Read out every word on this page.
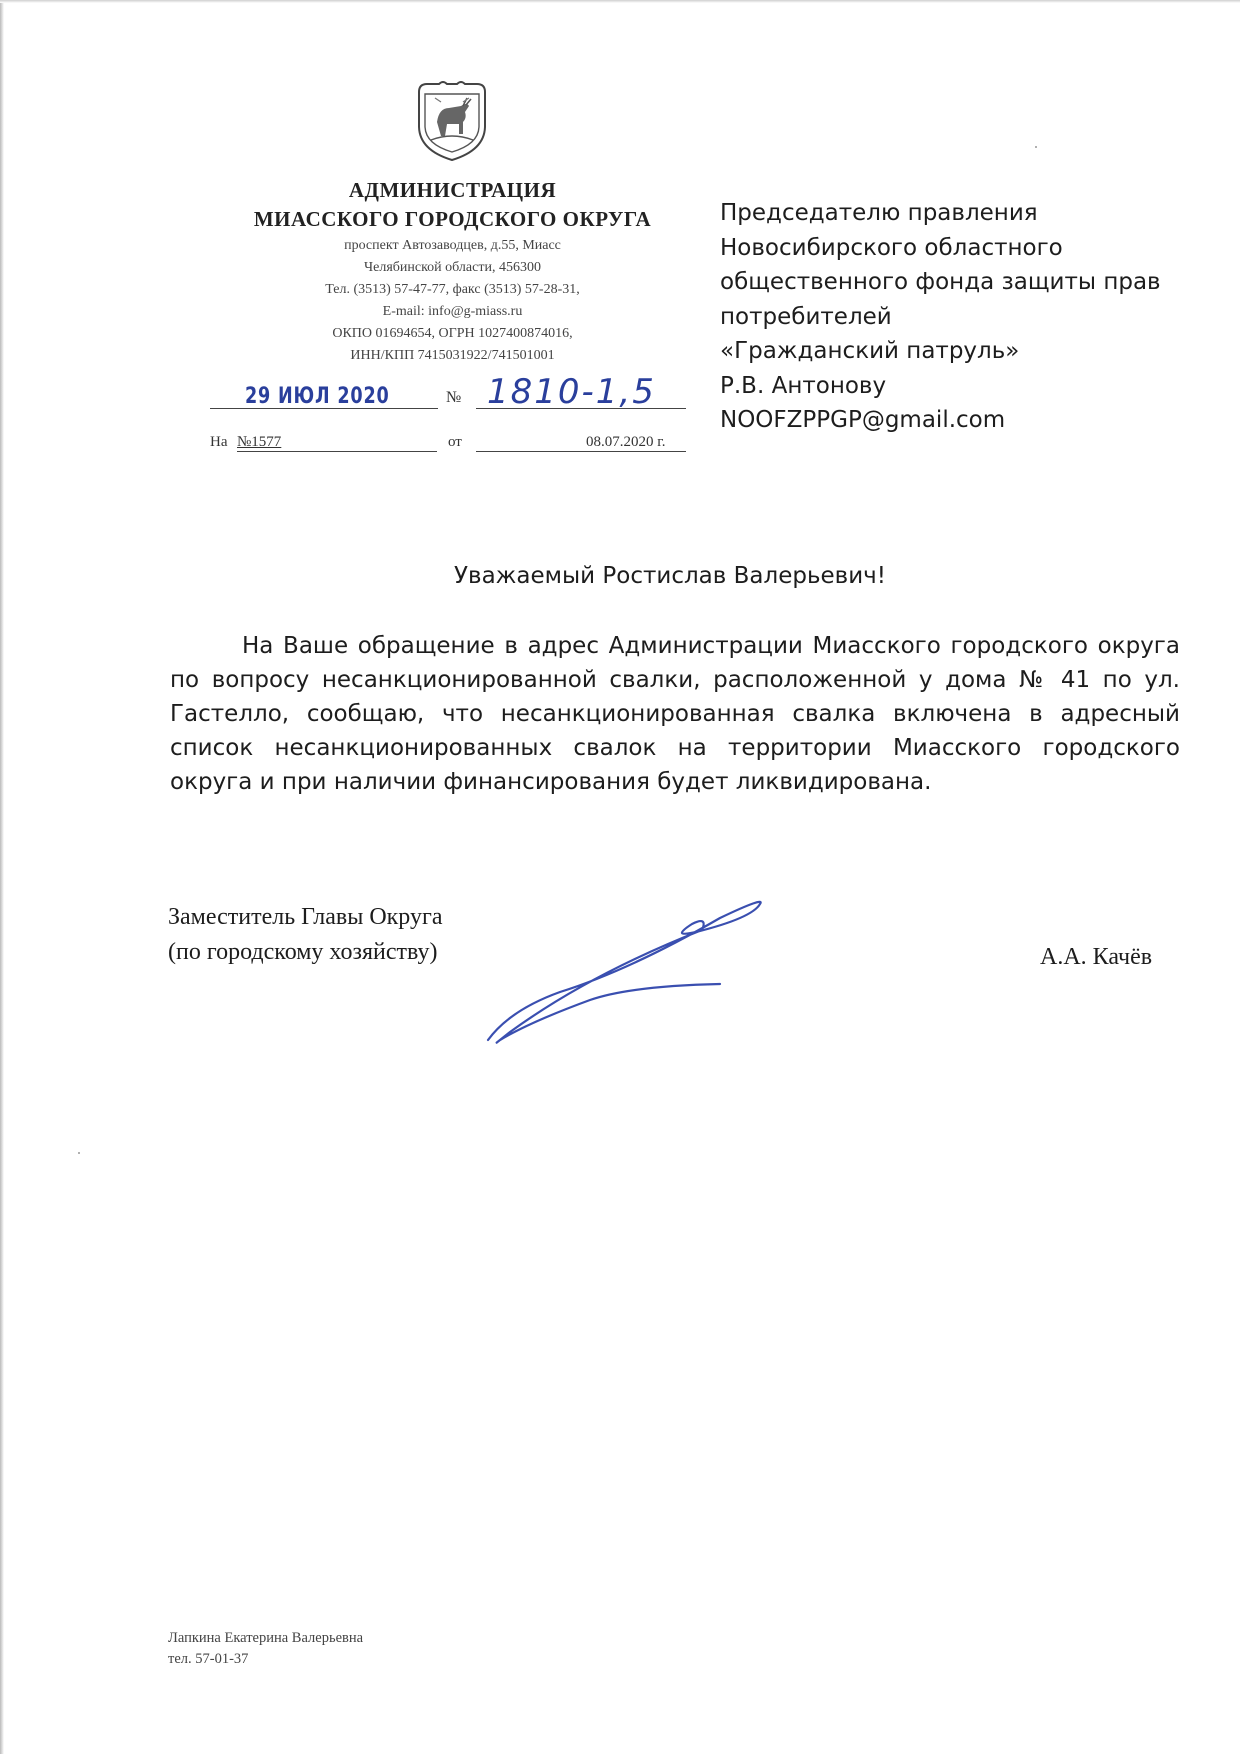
АДМИНИСТРАЦИЯ
МИАССКОГО ГОРОДСКОГО ОКРУГА
проспект Автозаводцев, д.55, Миасс
Челябинской области, 456300
Тел. (3513) 57-47-77, факс (3513) 57-28-31,
E-mail: info@g-miass.ru
ОКПО 01694654, ОГРН 1027400874016,
ИНН/КПП 7415031922/741501001
29 ИЮЛ 2020	№ 1810-1,5
На №1577	от	08.07.2020 г.
Председателю правления
Новосибирского областного
общественного фонда защиты прав
потребителей
«Гражданский патруль»
Р.В. Антонову
NOOFZPPGP@gmail.com
Уважаемый Ростислав Валерьевич!
На Ваше обращение в адрес Администрации Миасского городского округа по вопросу несанкционированной свалки, расположенной у дома № 41 по ул. Гастелло, сообщаю, что несанкционированная свалка включена в адресный список несанкционированных свалок на территории Миасского городского округа и при наличии финансирования будет ликвидирована.
Заместитель Главы Округа
(по городскому хозяйству)	А.А. Качёв
Лапкина Екатерина Валерьевна
тел. 57-01-37
